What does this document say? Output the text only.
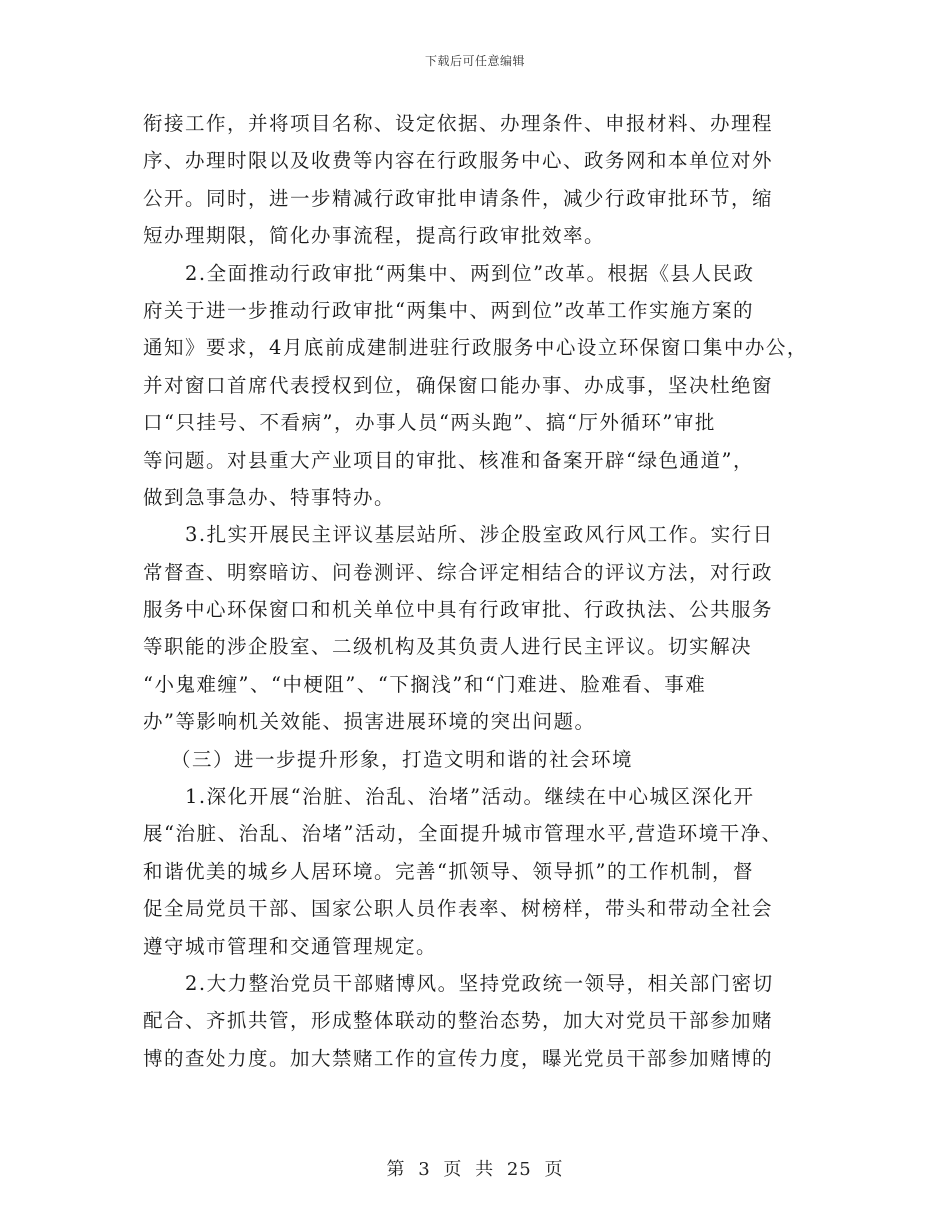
下载后可任意编辑
衔接工作，并将项目名称、设定依据、办理条件、申报材料、办理程
序、办理时限以及收费等内容在行政服务中心、政务网和本单位对外
公开。同时，进一步精减行政审批申请条件，减少行政审批环节，缩
短办理期限，简化办事流程，提高行政审批效率。
2.全面推动行政审批“两集中、两到位”改革。根据《县人民政
府关于进一步推动行政审批“两集中、两到位”改革工作实施方案的
通知》要求，4月底前成建制进驻行政服务中心设立环保窗口集中办公，
并对窗口首席代表授权到位，确保窗口能办事、办成事，坚决杜绝窗
口“只挂号、不看病”，办事人员“两头跑”、搞“厅外循环”审批
等问题。对县重大产业项目的审批、核准和备案开辟“绿色通道”，
做到急事急办、特事特办。
3.扎实开展民主评议基层站所、涉企股室政风行风工作。实行日
常督查、明察暗访、问卷测评、综合评定相结合的评议方法，对行政
服务中心环保窗口和机关单位中具有行政审批、行政执法、公共服务
等职能的涉企股室、二级机构及其负责人进行民主评议。切实解决
“小鬼难缠”、“中梗阻”、“下搁浅”和“门难进、脸难看、事难
办”等影响机关效能、损害进展环境的突出问题。
（三）进一步提升形象，打造文明和谐的社会环境
1.深化开展“治脏、治乱、治堵”活动。继续在中心城区深化开
展“治脏、治乱、治堵”活动，全面提升城市管理水平,营造环境干净、
和谐优美的城乡人居环境。完善“抓领导、领导抓”的工作机制，督
促全局党员干部、国家公职人员作表率、树榜样，带头和带动全社会
遵守城市管理和交通管理规定。
2.大力整治党员干部赌博风。坚持党政统一领导，相关部门密切
配合、齐抓共管，形成整体联动的整治态势，加大对党员干部参加赌
博的查处力度。加大禁赌工作的宣传力度，曝光党员干部参加赌博的
第 3 页 共 25 页
